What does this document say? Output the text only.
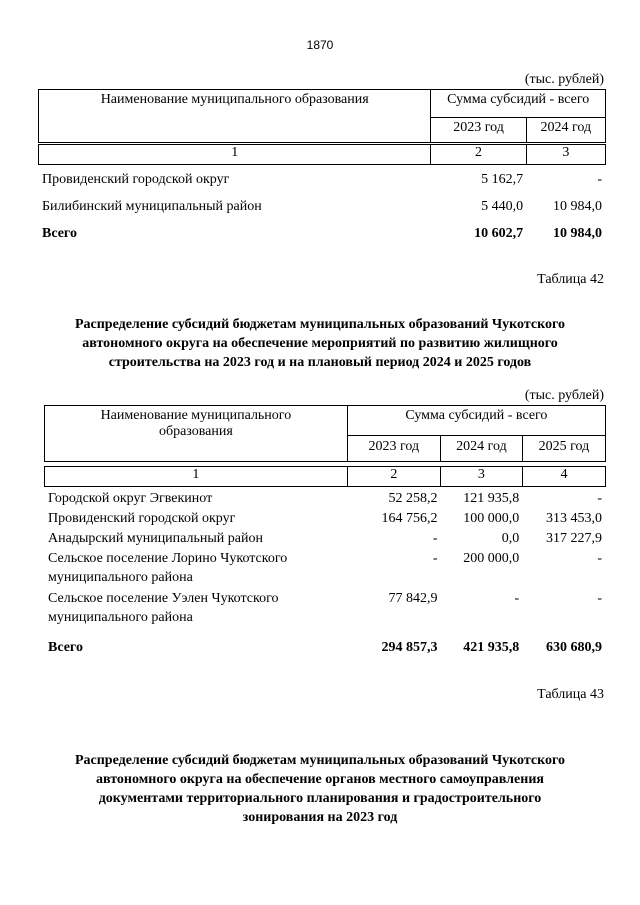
1870
(тыс. рублей)
Наименование муниципального образования	Сумма субсидий - всего	
	2023 год	2024 год
1	2	3
Провиденский городской округ	5 162,7	-
Билибинский муниципальный район	5 440,0	10 984,0
Всего	10 602,7	10 984,0
Таблица 42
Распределение субсидий бюджетам муниципальных образований Чукотского
автономного округа на обеспечение мероприятий по развитию жилищного
строительства на 2023 год и на плановый период 2024 и 2025 годов
(тыс. рублей)
Наименование муниципального
образования	Сумма субсидий - всего		
	2023 год	2024 год	2025 год
1	2	3	4
Городской округ Эгвекинот	52 258,2	121 935,8	-
Провиденский городской округ	164 756,2	100 000,0	313 453,0
Анадырский муниципальный район	-	0,0	317 227,9

Сельское поселение Лорино Чукотского
муниципального района	-	200 000,0	-

Сельское поселение Уэлен Чукотского
муниципального района	77 842,9	-	-
Всего	294 857,3	421 935,8	630 680,9
Таблица 43
Распределение субсидий бюджетам муниципальных образований Чукотского
автономного округа на обеспечение органов местного самоуправления
документами территориального планирования и градостроительного
зонирования на 2023 год
